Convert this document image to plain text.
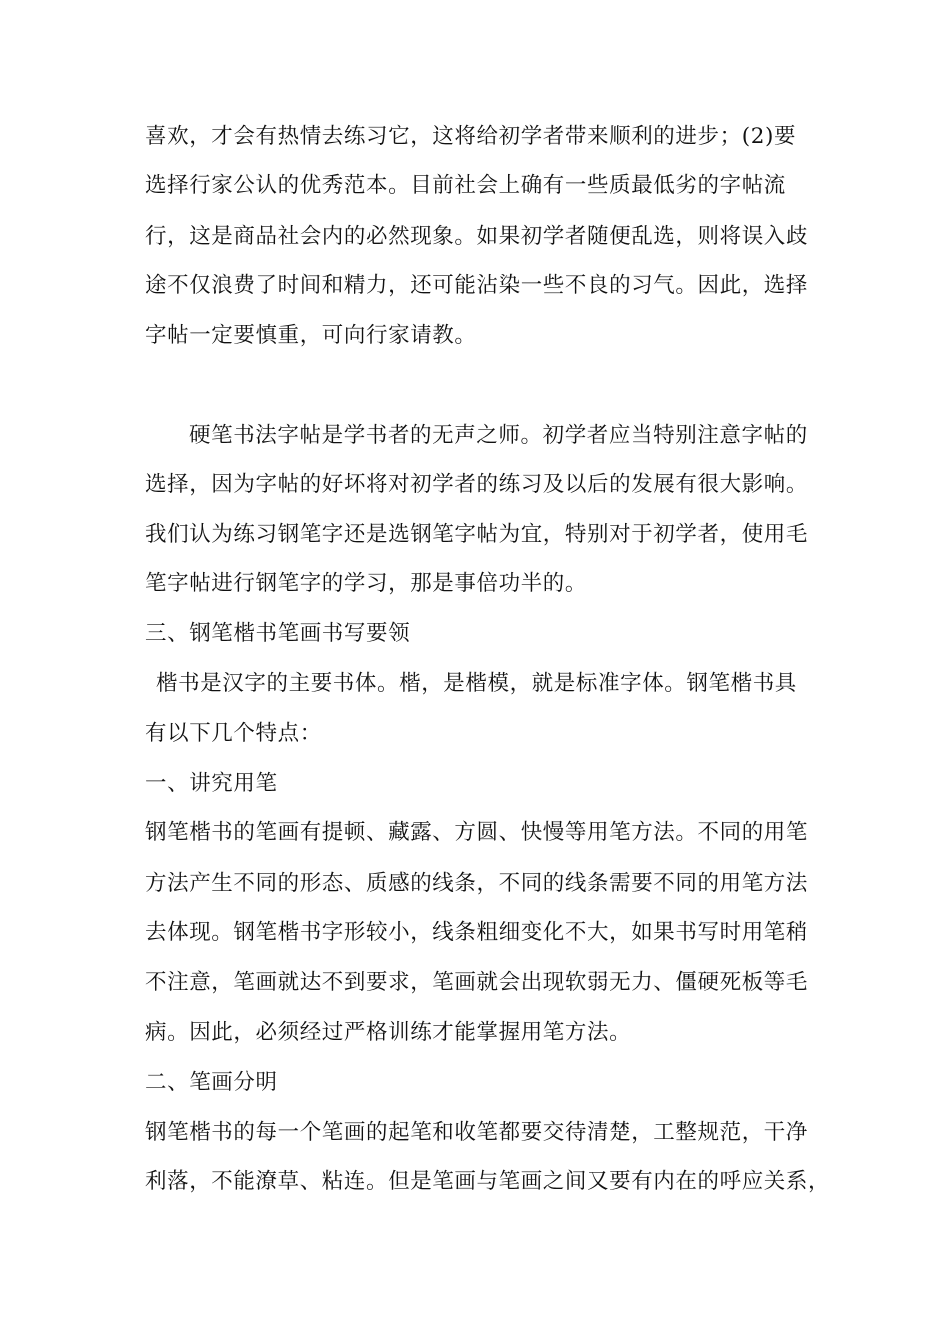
喜欢，才会有热情去练习它，这将给初学者带来顺利的进步；(2)要
选择行家公认的优秀范本。目前社会上确有一些质最低劣的字帖流
行，这是商品社会内的必然现象。如果初学者随便乱选，则将误入歧
途不仅浪费了时间和精力，还可能沾染一些不良的习气。因此，选择
字帖一定要慎重，可向行家请教。
硬笔书法字帖是学书者的无声之师。初学者应当特别注意字帖的
选择，因为字帖的好坏将对初学者的练习及以后的发展有很大影响。
我们认为练习钢笔字还是选钢笔字帖为宜，特别对于初学者，使用毛
笔字帖进行钢笔字的学习，那是事倍功半的。
三、钢笔楷书笔画书写要领
楷书是汉字的主要书体。楷，是楷模，就是标准字体。钢笔楷书具
有以下几个特点：
一、讲究用笔
钢笔楷书的笔画有提顿、藏露、方圆、快慢等用笔方法。不同的用笔
方法产生不同的形态、质感的线条，不同的线条需要不同的用笔方法
去体现。钢笔楷书字形较小，线条粗细变化不大，如果书写时用笔稍
不注意，笔画就达不到要求，笔画就会出现软弱无力、僵硬死板等毛
病。因此，必须经过严格训练才能掌握用笔方法。
二、笔画分明
钢笔楷书的每一个笔画的起笔和收笔都要交待清楚，工整规范，干净
利落，不能潦草、粘连。但是笔画与笔画之间又要有内在的呼应关系，
